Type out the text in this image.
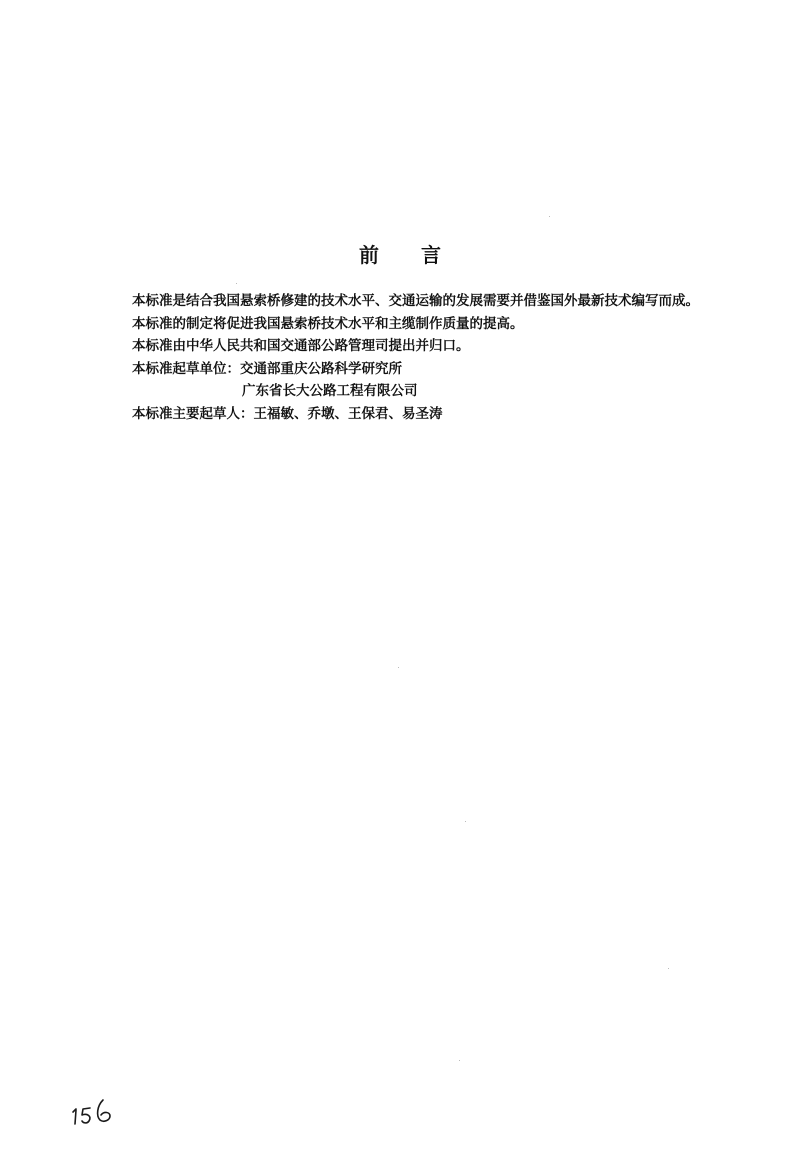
前言
本标准是结合我国悬索桥修建的技术水平、交通运输的发展需要并借鉴国外最新技术编写而成。
本标准的制定将促进我国悬索桥技术水平和主缆制作质量的提高。
本标准由中华人民共和国交通部公路管理司提出并归口。
本标准起草单位：交通部重庆公路科学研究所
广东省长大公路工程有限公司
本标准主要起草人：王福敏、乔墩、王保君、易圣涛
